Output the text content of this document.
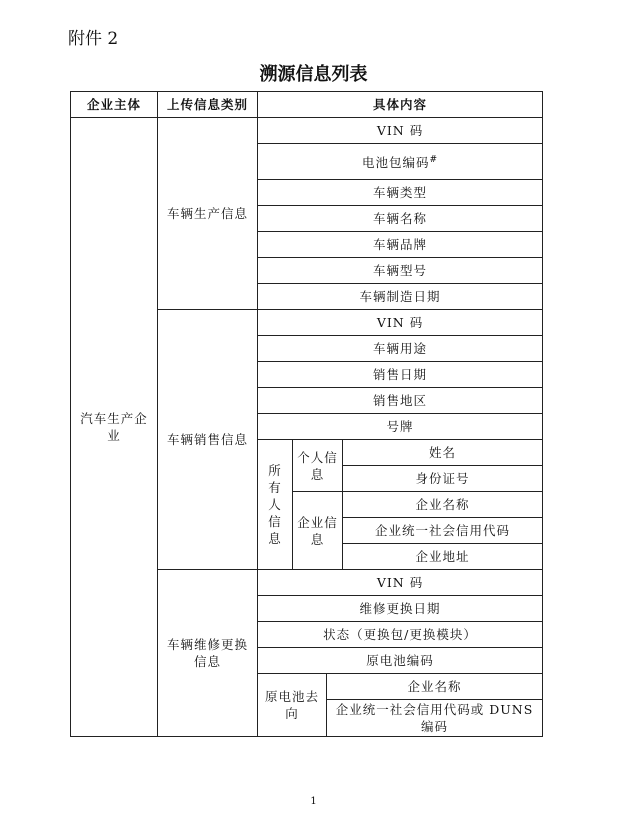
附件 2
溯源信息列表
企业主体	上传信息类别	具体内容			
汽车生产企业	车辆生产信息	VIN 码			
		电池包编码#
		车辆类型			
		车辆名称			
		车辆品牌			
		车辆型号			
		车辆制造日期			
	车辆销售信息	VIN 码			
		车辆用途			
		销售日期			
		销售地区			
		号牌			
		所有人信息	个人信息		姓名
					身份证号
			企业信息		企业名称
					企业统一社会信用代码
					企业地址
	车辆维修更换信息	VIN 码			
		维修更换日期			
		状态（更换包/更换模块）			
		原电池编码			
		原电池去向		企业名称	
				企业统一社会信用代码或 DUNS 编码	
1
